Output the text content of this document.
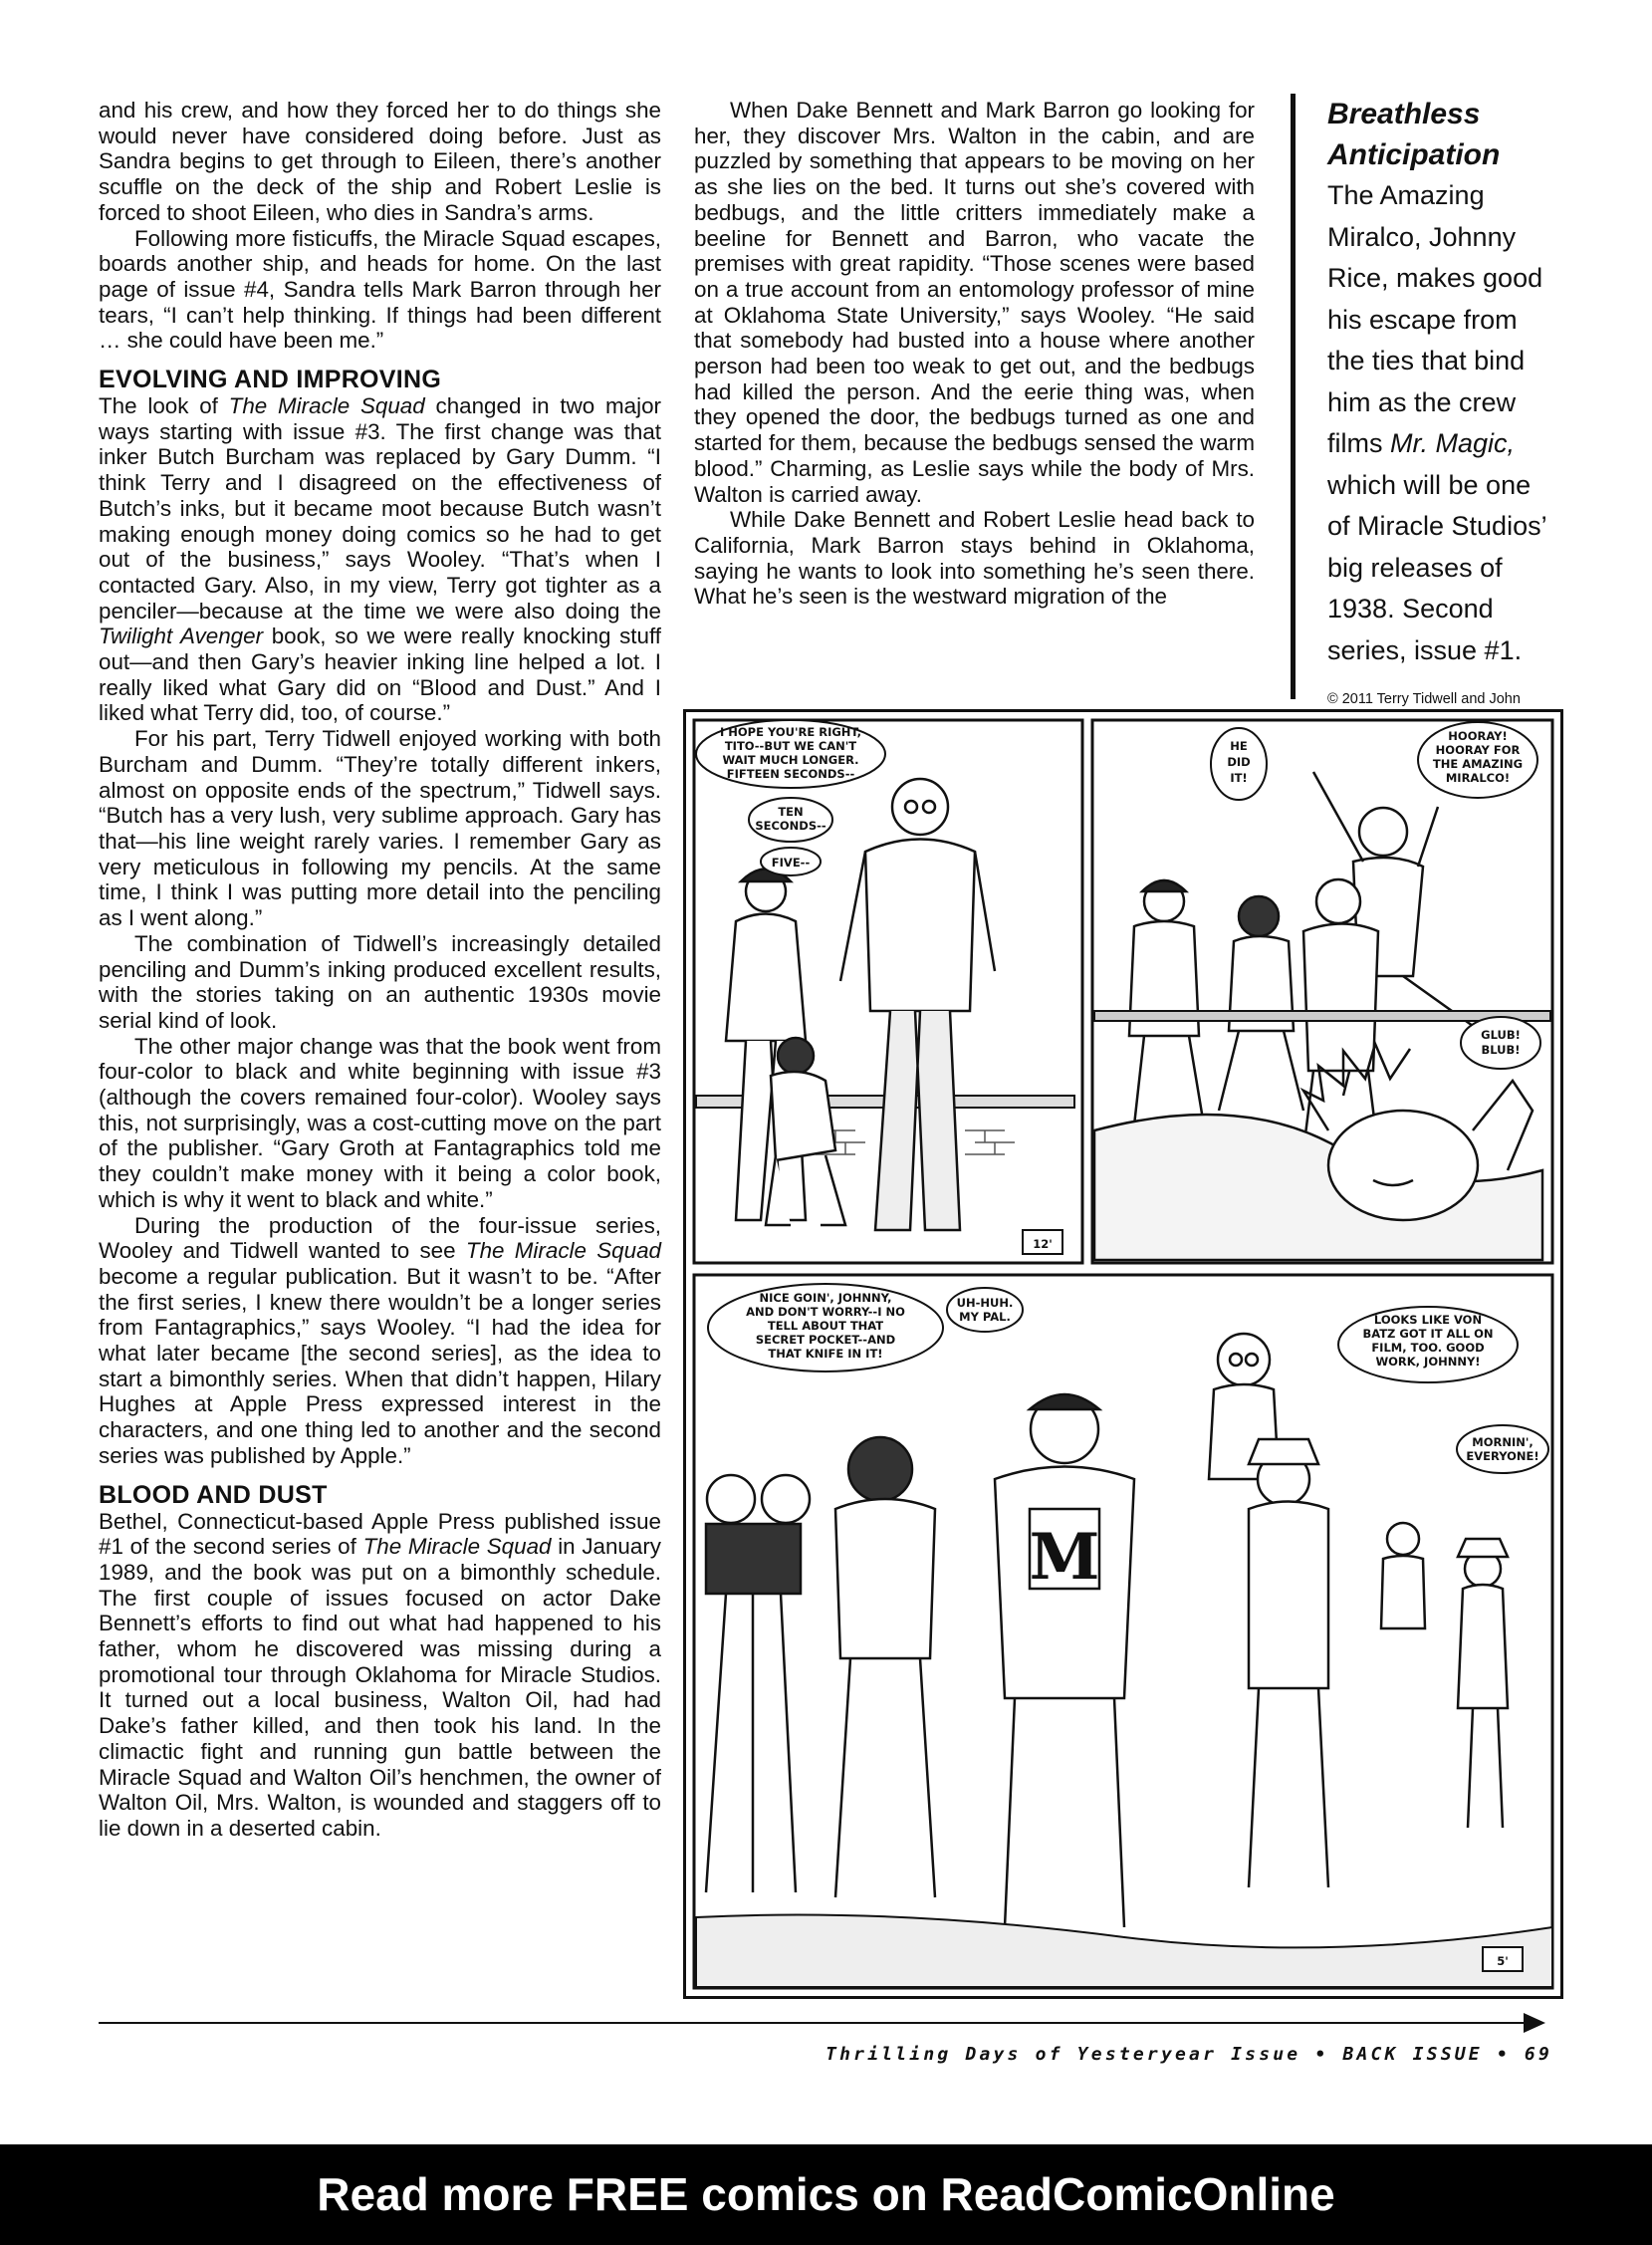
and his crew, and how they forced her to do things she would never have considered doing before. Just as Sandra begins to get through to Eileen, there’s another scuffle on the deck of the ship and Robert Leslie is forced to shoot Eileen, who dies in Sandra’s arms.

Following more fisticuffs, the Miracle Squad escapes, boards another ship, and heads for home. On the last page of issue #4, Sandra tells Mark Barron through her tears, “I can’t help thinking. If things had been different … she could have been me.”

EVOLVING AND IMPROVING

The look of The Miracle Squad changed in two major ways starting with issue #3. The first change was that inker Butch Burcham was replaced by Gary Dumm. “I think Terry and I disagreed on the effectiveness of Butch’s inks, but it became moot because Butch wasn’t making enough money doing comics so he had to get out of the business,” says Wooley. “That’s when I contacted Gary. Also, in my view, Terry got tighter as a penciler—because at the time we were also doing the Twilight Avenger book, so we were really knocking stuff out—and then Gary’s heavier inking line helped a lot. I really liked what Gary did on “Blood and Dust.” And I liked what Terry did, too, of course.”

For his part, Terry Tidwell enjoyed working with both Burcham and Dumm. “They’re totally different inkers, almost on opposite ends of the spectrum,” Tidwell says. “Butch has a very lush, very sublime approach. Gary has that—his line weight rarely varies. I remember Gary as very meticulous in following my pencils. At the same time, I think I was putting more detail into the penciling as I went along.”

The combination of Tidwell’s increasingly detailed penciling and Dumm’s inking produced excellent results, with the stories taking on an authentic 1930s movie serial kind of look.

The other major change was that the book went from four-color to black and white beginning with issue #3 (although the covers remained four-color). Wooley says this, not surprisingly, was a cost-cutting move on the part of the publisher. “Gary Groth at Fantagraphics told me they couldn’t make money with it being a color book, which is why it went to black and white.”

During the production of the four-issue series, Wooley and Tidwell wanted to see The Miracle Squad become a regular publication. But it wasn’t to be. “After the first series, I knew there wouldn’t be a longer series from Fantagraphics,” says Wooley. “I had the idea for what later became [the second series], as the idea to start a bimonthly series. When that didn’t happen, Hilary Hughes at Apple Press expressed interest in the characters, and one thing led to another and the second series was published by Apple.”

BLOOD AND DUST

Bethel, Connecticut-based Apple Press published issue #1 of the second series of The Miracle Squad in January 1989, and the book was put on a bimonthly schedule. The first couple of issues focused on actor Dake Bennett’s efforts to find out what had happened to his father, whom he discovered was missing during a promotional tour through Oklahoma for Miracle Studios. It turned out a local business, Walton Oil, had had Dake’s father killed, and then took his land. In the climactic fight and running gun battle between the Miracle Squad and Walton Oil’s henchmen, the owner of Walton Oil, Mrs. Walton, is wounded and staggers off to lie down in a deserted cabin.

When Dake Bennett and Mark Barron go looking for her, they discover Mrs. Walton in the cabin, and are puzzled by something that appears to be moving on her as she lies on the bed. It turns out she’s covered with bedbugs, and the little critters immediately make a beeline for Bennett and Barron, who vacate the premises with great rapidity. “Those scenes were based on a true account from an entomology professor of mine at Oklahoma State University,” says Wooley. “He said that somebody had busted into a house where another person had been too weak to get out, and the bedbugs had killed the person. And the eerie thing was, when they opened the door, the bedbugs turned as one and started for them, because the bedbugs sensed the warm blood.” Charming, as Leslie says while the body of Mrs. Walton is carried away.

While Dake Bennett and Robert Leslie head back to California, Mark Barron stays behind in Oklahoma, saying he wants to look into something he’s seen there. What he’s seen is the westward migration of the

Breathless Anticipation

The Amazing Miralco, Johnny Rice, makes good his escape from the ties that bind him as the crew films Mr. Magic, which will be one of Miracle Studios’ big releases of 1938. Second series, issue #1.

© 2011 Terry Tidwell and John
I HOPE YOU'RE RIGHT,
TITO--BUT WE CAN'T
WAIT MUCH LONGER.
FIFTEEN SECONDS--
TEN
SECONDS--
FIVE--
12'
HE
DID
IT!
HOORAY!
HOORAY FOR
THE AMAZING
MIRALCO!
GLUB!
BLUB!
M
NICE GOIN', JOHNNY,
AND DON'T WORRY--I NO
TELL ABOUT THAT
SECRET POCKET--AND
THAT KNIFE IN IT!
UH-HUH.
MY PAL.	LOOKS LIKE VON
BATZ GOT IT ALL ON
FILM, TOO. GOOD
WORK, JOHNNY!
MORNIN',
EVERYONE!
5'
Thrilling Days of Yesteryear Issue • BACK ISSUE • 69
Read more FREE comics on ReadComicOnline
